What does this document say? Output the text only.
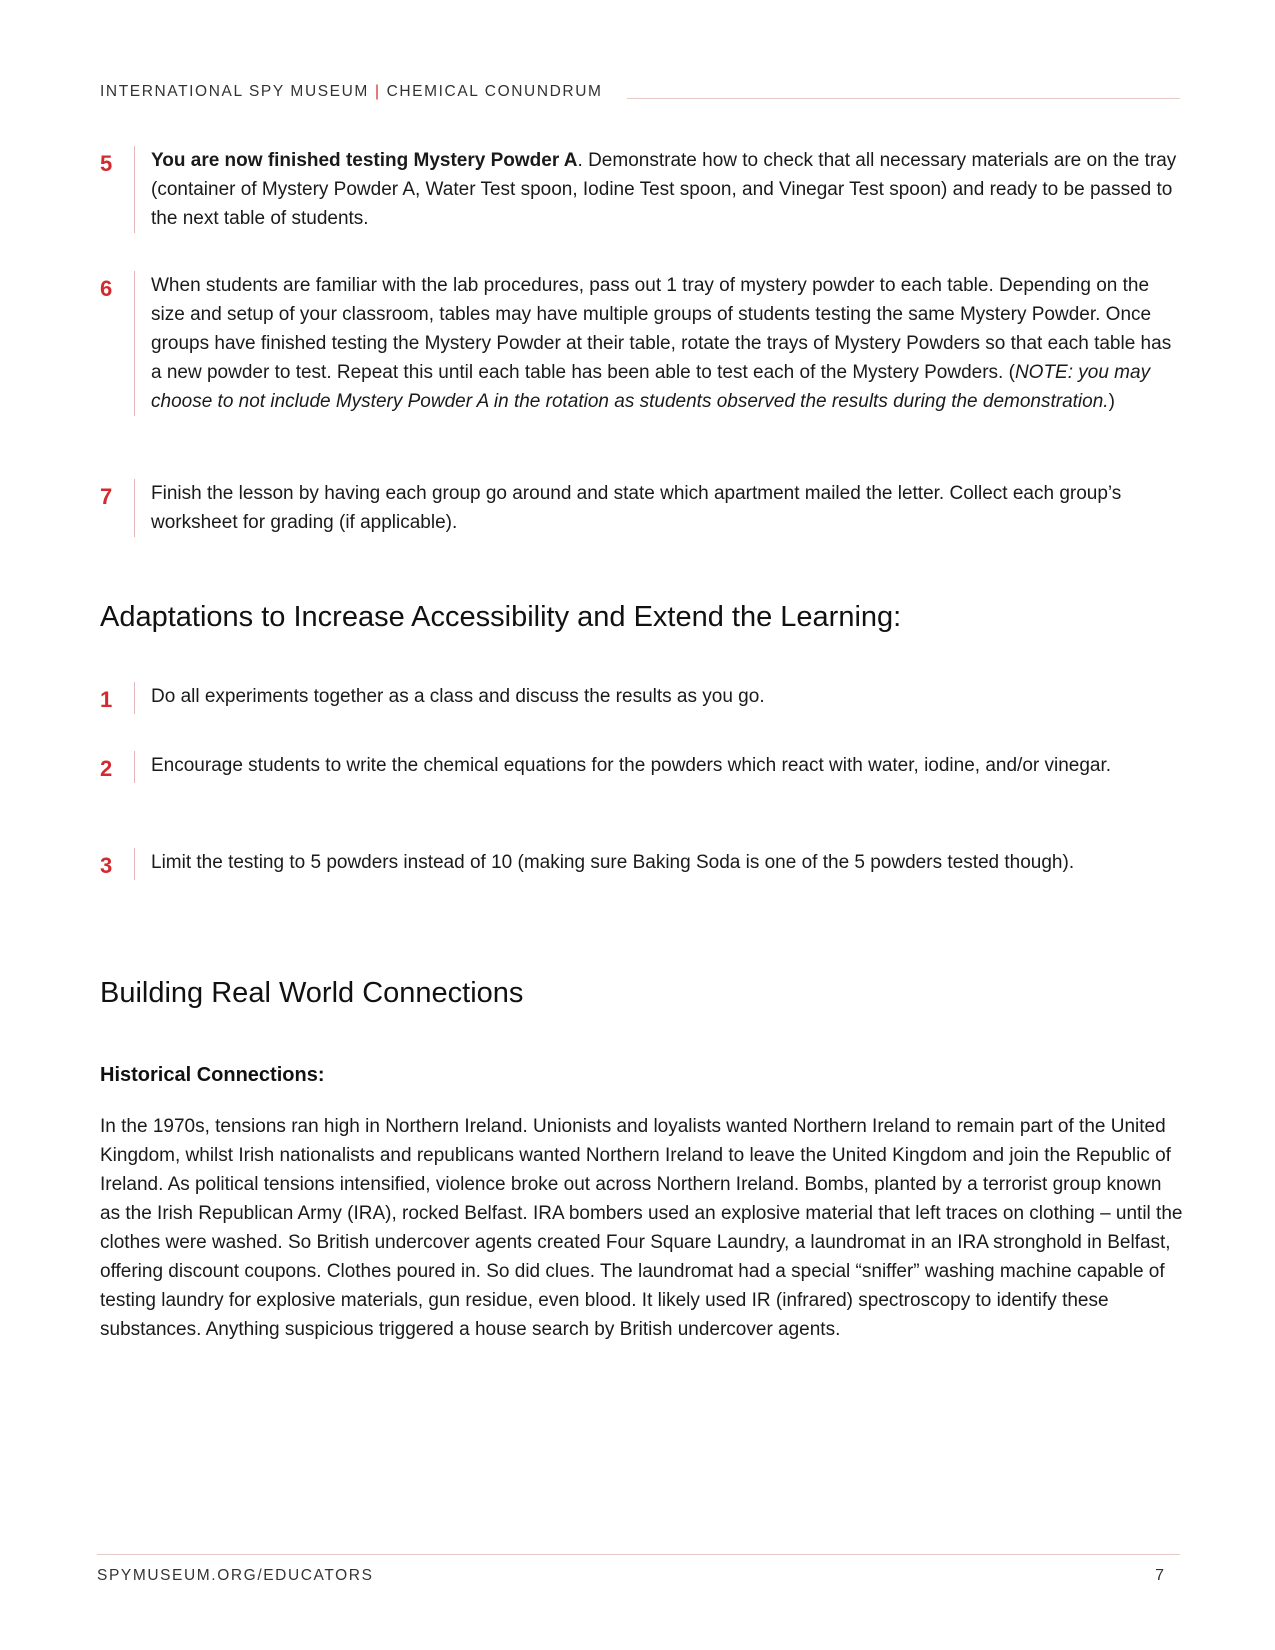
INTERNATIONAL SPY MUSEUM | CHEMICAL CONUNDRUM
5	You are now finished testing Mystery Powder A. Demonstrate how to check that all necessary materials are on the tray (container of Mystery Powder A, Water Test spoon, Iodine Test spoon, and Vinegar Test spoon) and ready to be passed to the next table of students.
6	When students are familiar with the lab procedures, pass out 1 tray of mystery powder to each table. Depending on the size and setup of your classroom, tables may have multiple groups of students testing the same Mystery Powder. Once groups have finished testing the Mystery Powder at their table, rotate the trays of Mystery Powders so that each table has a new powder to test. Repeat this until each table has been able to test each of the Mystery Powders. (NOTE: you may choose to not include Mystery Powder A in the rotation as students observed the results during the demonstration.)
7	Finish the lesson by having each group go around and state which apartment mailed the letter. Collect each group’s worksheet for grading (if applicable).
Adaptations to Increase Accessibility and Extend the Learning:
1	Do all experiments together as a class and discuss the results as you go.
2	Encourage students to write the chemical equations for the powders which react with water, iodine, and/or vinegar.
3	Limit the testing to 5 powders instead of 10 (making sure Baking Soda is one of the 5 powders tested though).
Building Real World Connections
Historical Connections:

In the 1970s, tensions ran high in Northern Ireland. Unionists and loyalists wanted Northern Ireland to remain part of the United Kingdom, whilst Irish nationalists and republicans wanted Northern Ireland to leave the United Kingdom and join the Republic of Ireland. As political tensions intensified, violence broke out across Northern Ireland. Bombs, planted by a terrorist group known as the Irish Republican Army (IRA), rocked Belfast. IRA bombers used an explosive material that left traces on clothing – until the clothes were washed. So British undercover agents created Four Square Laundry, a laundromat in an IRA stronghold in Belfast, offering discount coupons. Clothes poured in. So did clues. The laundromat had a special “sniffer” washing machine capable of testing laundry for explosive materials, gun residue, even blood. It likely used IR (infrared) spectroscopy to identify these substances. Anything suspicious triggered a house search by British undercover agents.

SPYMUSEUM.ORG/EDUCATORS	7
